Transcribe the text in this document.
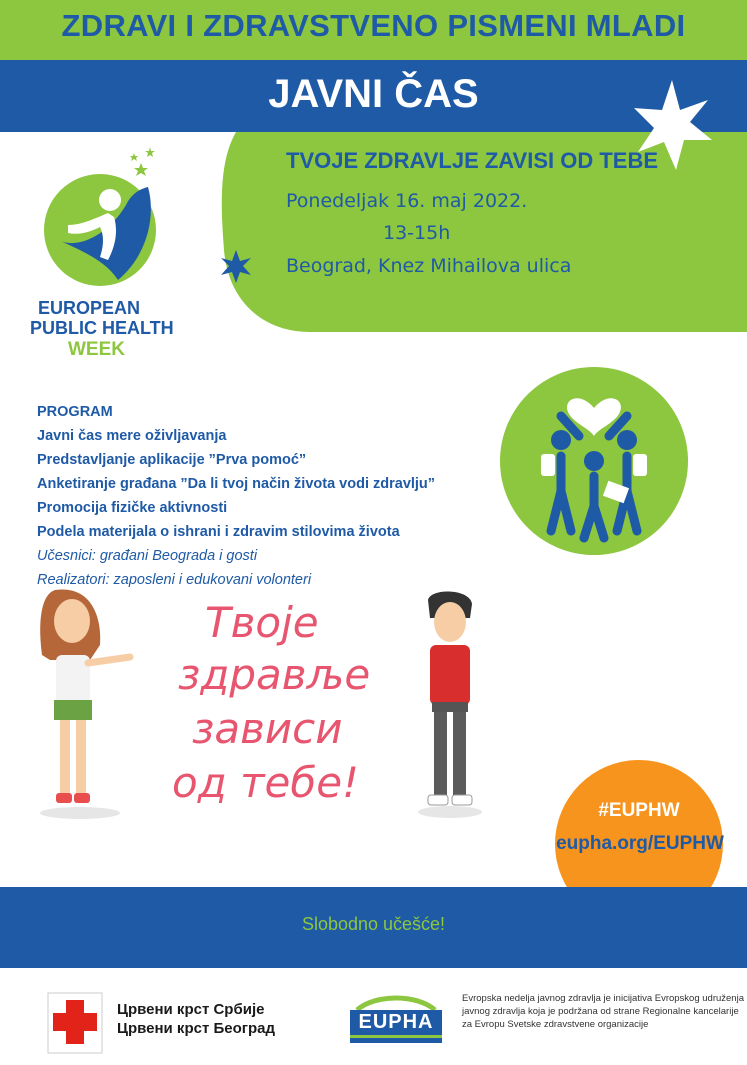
ZDRAVI I ZDRAVSTVENO PISMENI MLADI
JAVNI ČAS
EUROPEAN
PUBLIC HEALTH
WEEK
TVOJE ZDRAVLJE ZAVISI OD TEBE
Ponedeljak 16. maj 2022.
13-15h
Beograd, Knez Mihailova ulica
PROGRAM
Javni čas mere oživljavanja
Predstavljanje aplikacije ”Prva pomoć”
Anketiranje građana ”Da li tvoj način života vodi zdravlju”
Promocija fizičke aktivnosti
Podela materijala o ishrani i zdravim stilovima života
Učesnici: građani Beograda i gosti
Realizatori: zaposleni i edukovani volonteri
Твоје
здравље
зависи
од тебе!
#EUPHW
eupha.org/EUPHW
Slobodno učešće!
Црвени крст Србије
Црвени крст Београд	EUPHA
Evropska nedelja javnog zdravlja je inicijativa Evropskog udruženja javnog zdravlja koja je podržana od strane Regionalne kancelarije za Evropu Svetske zdravstvene organizacije
